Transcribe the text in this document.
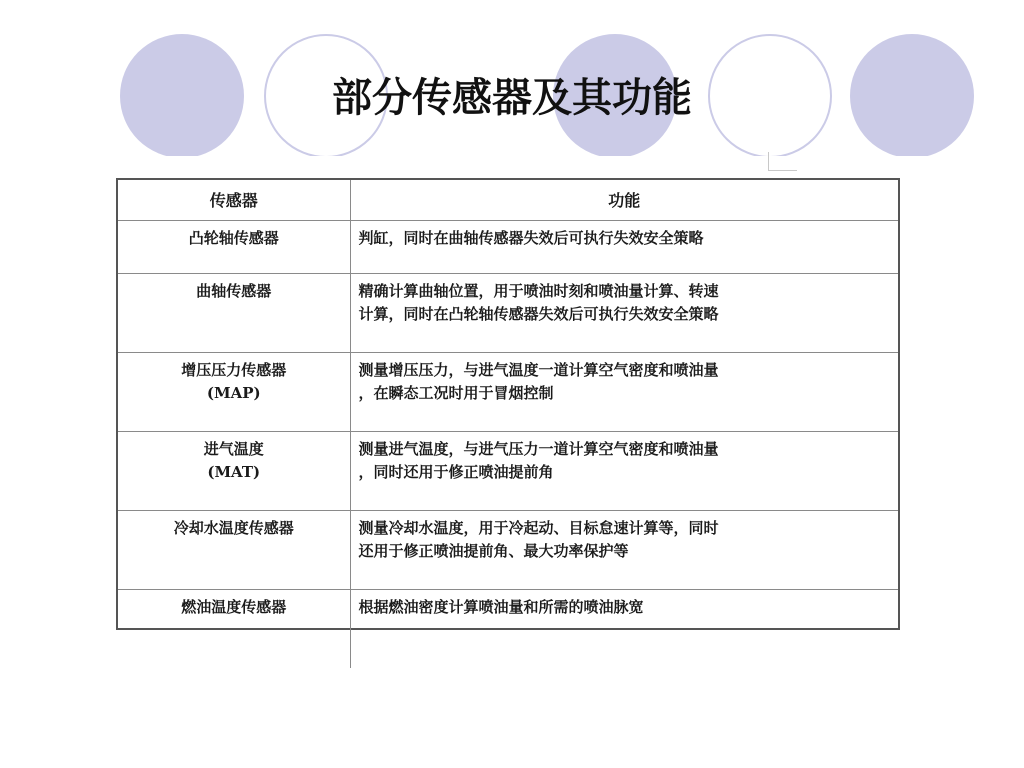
部分传感器及其功能
传感器	功能

凸轮轴传感器	判缸，同时在曲轴传感器失效后可执行失效安全策略

曲轴传感器	精确计算曲轴位置，用于喷油时刻和喷油量计算、转速
计算，同时在凸轮轴传感器失效后可执行失效安全策略

增压压力传感器
(MAP)	测量增压压力，与进气温度一道计算空气密度和喷油量
，在瞬态工况时用于冒烟控制

进气温度
(MAT)	测量进气温度，与进气压力一道计算空气密度和喷油量
，同时还用于修正喷油提前角

冷却水温度传感器	测量冷却水温度，用于冷起动、目标怠速计算等，同时
还用于修正喷油提前角、最大功率保护等

燃油温度传感器	根据燃油密度计算喷油量和所需的喷油脉宽
